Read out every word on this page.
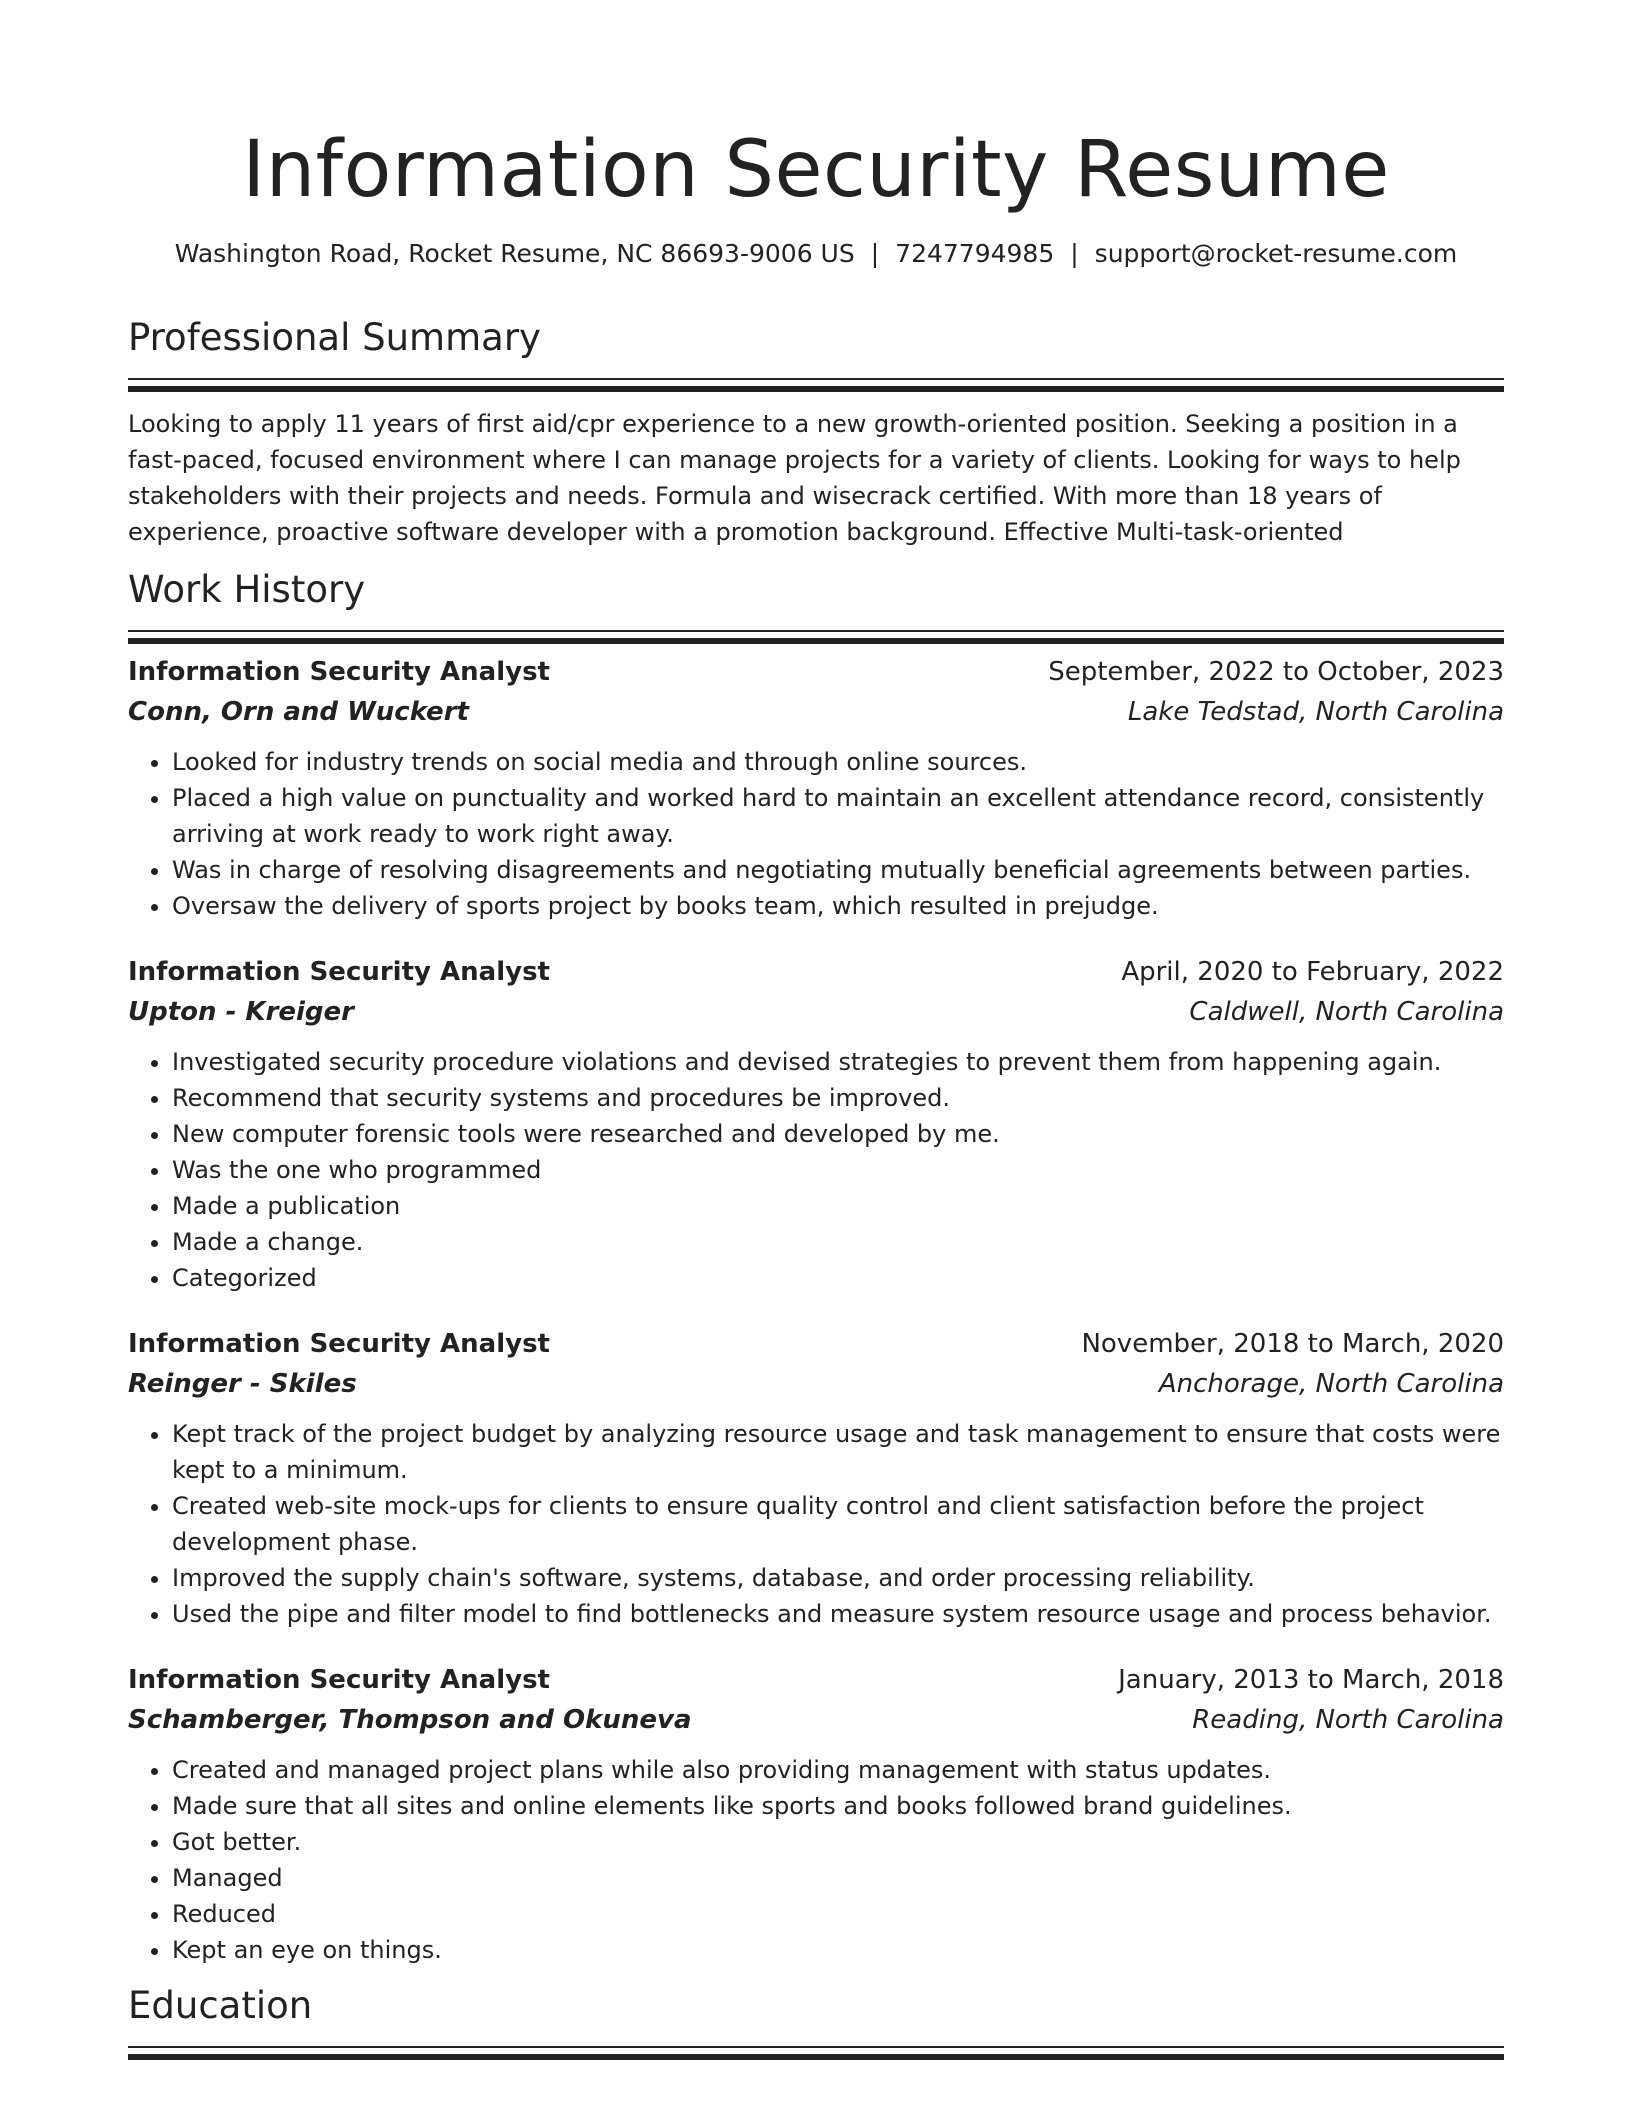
Information Security Resume
Washington Road, Rocket Resume, NC 86693-9006 US | 7247794985 | support@rocket-resume.com
Professional Summary

Looking to apply 11 years of first aid/cpr experience to a new growth-oriented position. Seeking a position in a fast-paced, focused environment where I can manage projects for a variety of clients. Looking for ways to help stakeholders with their projects and needs. Formula and wisecrack certified. With more than 18 years of experience, proactive software developer with a promotion background. Effective Multi-task-oriented

Work History
Information Security Analyst	September, 2022 to October, 2023
Conn, Orn and Wuckert	Lake Tedstad, North Carolina
• Looked for industry trends on social media and through online sources.
• Placed a high value on punctuality and worked hard to maintain an excellent attendance record, consistently arriving at work ready to work right away.
• Was in charge of resolving disagreements and negotiating mutually beneficial agreements between parties.
• Oversaw the delivery of sports project by books team, which resulted in prejudge.
Information Security Analyst	April, 2020 to February, 2022
Upton - Kreiger	Caldwell, North Carolina
• Investigated security procedure violations and devised strategies to prevent them from happening again.
• Recommend that security systems and procedures be improved.
• New computer forensic tools were researched and developed by me.
• Was the one who programmed
• Made a publication
• Made a change.
• Categorized
Information Security Analyst	November, 2018 to March, 2020
Reinger - Skiles	Anchorage, North Carolina
• Kept track of the project budget by analyzing resource usage and task management to ensure that costs were kept to a minimum.
• Created web-site mock-ups for clients to ensure quality control and client satisfaction before the project development phase.
• Improved the supply chain's software, systems, database, and order processing reliability.
• Used the pipe and filter model to find bottlenecks and measure system resource usage and process behavior.
Information Security Analyst	January, 2013 to March, 2018
Schamberger, Thompson and Okuneva	Reading, North Carolina
• Created and managed project plans while also providing management with status updates.
• Made sure that all sites and online elements like sports and books followed brand guidelines.
• Got better.
• Managed
• Reduced
• Kept an eye on things.
Education
